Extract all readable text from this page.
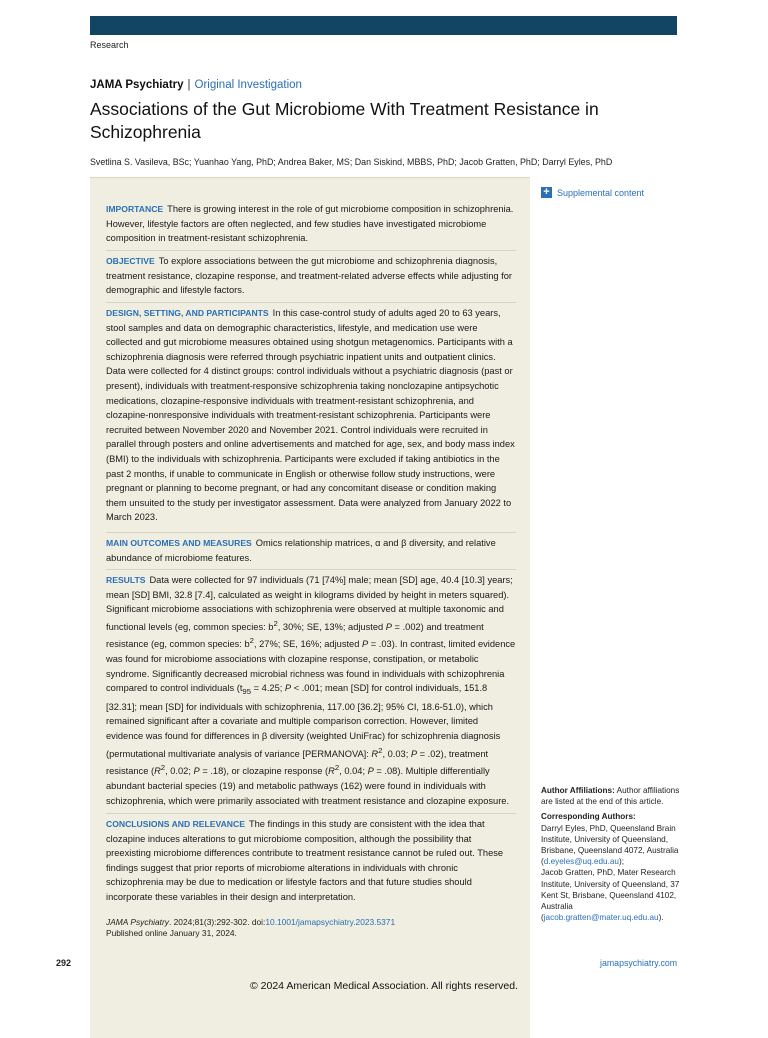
Research
JAMA Psychiatry | Original Investigation
Associations of the Gut Microbiome With Treatment Resistance in Schizophrenia
Svetlina S. Vasileva, BSc; Yuanhao Yang, PhD; Andrea Baker, MS; Dan Siskind, MBBS, PhD; Jacob Gratten, PhD; Darryl Eyles, PhD

IMPORTANCE There is growing interest in the role of gut microbiome composition in schizophrenia. However, lifestyle factors are often neglected, and few studies have investigated microbiome composition in treatment-resistant schizophrenia.

OBJECTIVE To explore associations between the gut microbiome and schizophrenia diagnosis, treatment resistance, clozapine response, and treatment-related adverse effects while adjusting for demographic and lifestyle factors.

DESIGN, SETTING, AND PARTICIPANTS In this case-control study of adults aged 20 to 63 years, stool samples and data on demographic characteristics, lifestyle, and medication use were collected and gut microbiome measures obtained using shotgun metagenomics. Participants with a schizophrenia diagnosis were referred through psychiatric inpatient units and outpatient clinics. Data were collected for 4 distinct groups: control individuals without a psychiatric diagnosis (past or present), individuals with treatment-responsive schizophrenia taking nonclozapine antipsychotic medications, clozapine-responsive individuals with treatment-resistant schizophrenia, and clozapine-nonresponsive individuals with treatment-resistant schizophrenia. Participants were recruited between November 2020 and November 2021. Control individuals were recruited in parallel through posters and online advertisements and matched for age, sex, and body mass index (BMI) to the individuals with schizophrenia. Participants were excluded if taking antibiotics in the past 2 months, if unable to communicate in English or otherwise follow study instructions, were pregnant or planning to become pregnant, or had any concomitant disease or condition making them unsuited to the study per investigator assessment. Data were analyzed from January 2022 to March 2023.

MAIN OUTCOMES AND MEASURES Omics relationship matrices, α and β diversity, and relative abundance of microbiome features.

RESULTS Data were collected for 97 individuals (71 [74%] male; mean [SD] age, 40.4 [10.3] years; mean [SD] BMI, 32.8 [7.4], calculated as weight in kilograms divided by height in meters squared). Significant microbiome associations with schizophrenia were observed at multiple taxonomic and functional levels (eg, common species: $b^2$, 30%; SE, 13%; adjusted P = .002) and treatment resistance (eg, common species: $b^2$, 27%; SE, 16%; adjusted P = .03). In contrast, limited evidence was found for microbiome associations with clozapine response, constipation, or metabolic syndrome. Significantly decreased microbial richness was found in individuals with schizophrenia compared to control individuals ($t_{95} = 4.25$; P < .001; mean [SD] for control individuals, 151.8 [32.31]; mean [SD] for individuals with schizophrenia, 117.00 [36.2]; 95% CI, 18.6-51.0), which remained significant after a covariate and multiple comparison correction. However, limited evidence was found for differences in β diversity (weighted UniFrac) for schizophrenia diagnosis (permutational multivariate analysis of variance [PERMANOVA]: $R^2$, 0.03; P = .02), treatment resistance ($R^2$, 0.02; P = .18), or clozapine response ($R^2$, 0.04; P = .08). Multiple differentially abundant bacterial species (19) and metabolic pathways (162) were found in individuals with schizophrenia, which were primarily associated with treatment resistance and clozapine exposure.

CONCLUSIONS AND RELEVANCE The findings in this study are consistent with the idea that clozapine induces alterations to gut microbiome composition, although the possibility that preexisting microbiome differences contribute to treatment resistance cannot be ruled out. These findings suggest that prior reports of microbiome alterations in individuals with chronic schizophrenia may be due to medication or lifestyle factors and that future studies should incorporate these variables in their design and interpretation.

JAMA Psychiatry. 2024;81(3):292-302. doi:10.1001/jamapsychiatry.2023.5371
Published online January 31, 2024.
+ Supplemental content

Author Affiliations: Author affiliations are listed at the end of this article.

Corresponding Authors:

Darryl Eyles, PhD, Queensland Brain Institute, University of Queensland, Brisbane, Queensland 4072, Australia (d.eyeles@uq.edu.au);

Jacob Gratten, PhD, Mater Research Institute, University of Queensland, 37 Kent St, Brisbane, Queensland 4102, Australia (jacob.gratten@mater.uq.edu.au).

292	jamapsychiatry.com
© 2024 American Medical Association. All rights reserved.
